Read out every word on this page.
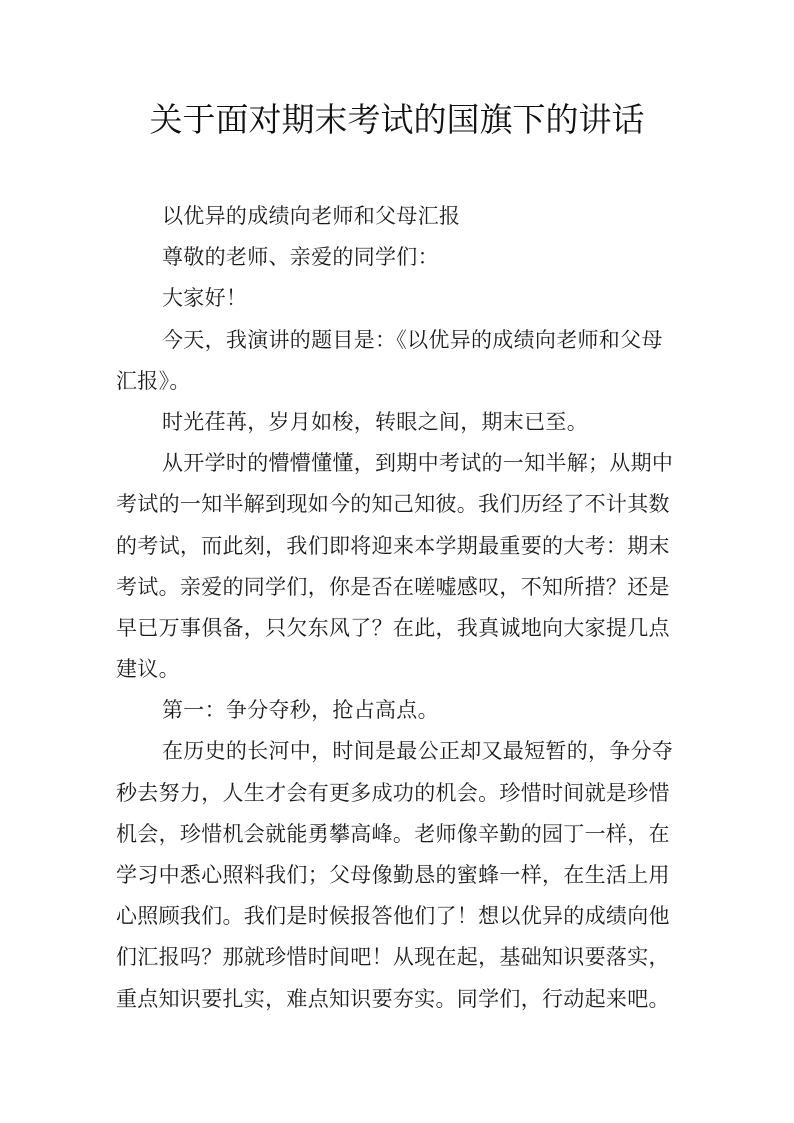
关于面对期末考试的国旗下的讲话
以优异的成绩向老师和父母汇报
尊敬的老师、亲爱的同学们：
大家好！
今天，我演讲的题目是：《以优异的成绩向老师和父母
汇报》。
时光荏苒，岁月如梭，转眼之间，期末已至。
从开学时的懵懵懂懂，到期中考试的一知半解；从期中
考试的一知半解到现如今的知己知彼。我们历经了不计其数
的考试，而此刻，我们即将迎来本学期最重要的大考：期末
考试。亲爱的同学们，你是否在嗟嘘感叹，不知所措？还是
早已万事俱备，只欠东风了？在此，我真诚地向大家提几点
建议。
第一：争分夺秒，抢占高点。
在历史的长河中，时间是最公正却又最短暂的，争分夺
秒去努力，人生才会有更多成功的机会。珍惜时间就是珍惜
机会，珍惜机会就能勇攀高峰。老师像辛勤的园丁一样，在
学习中悉心照料我们；父母像勤恳的蜜蜂一样，在生活上用
心照顾我们。我们是时候报答他们了！想以优异的成绩向他
们汇报吗？那就珍惜时间吧！从现在起，基础知识要落实，
重点知识要扎实，难点知识要夯实。同学们，行动起来吧。
